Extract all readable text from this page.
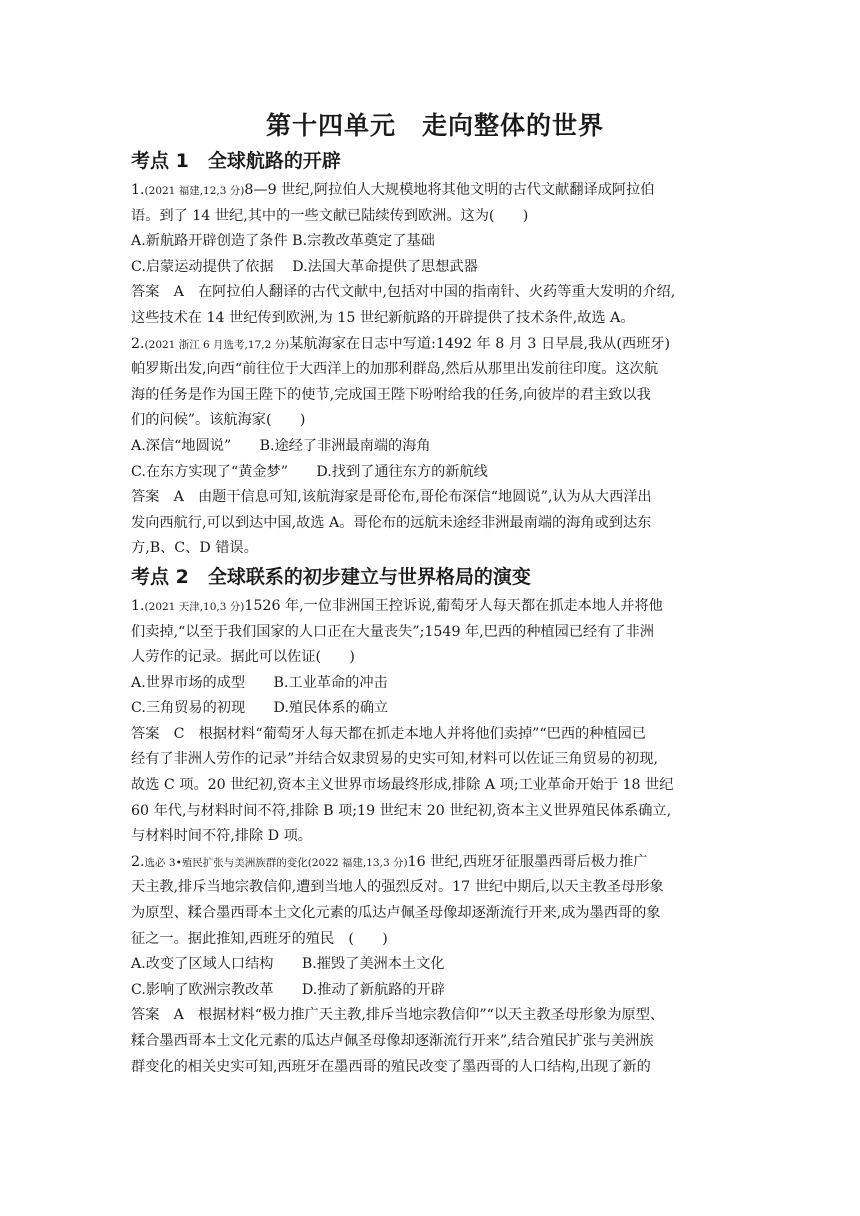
第十四单元　走向整体的世界
考点 1　全球航路的开辟
1.(2021 福建,12,3 分)8—9 世纪,阿拉伯人大规模地将其他文明的古代文献翻译成阿拉伯
语。到了 14 世纪,其中的一些文献已陆续传到欧洲。这为(　　)
A.新航路开辟创造了条件 B.宗教改革奠定了基础
C.启蒙运动提供了依据　 D.法国大革命提供了思想武器
答案　A　在阿拉伯人翻译的古代文献中,包括对中国的指南针、火药等重大发明的介绍,
这些技术在 14 世纪传到欧洲,为 15 世纪新航路的开辟提供了技术条件,故选 A。
2.(2021 浙江 6 月选考,17,2 分)某航海家在日志中写道:1492 年 8 月 3 日早晨,我从(西班牙)
帕罗斯出发,向西“前往位于大西洋上的加那利群岛,然后从那里出发前往印度。这次航
海的任务是作为国王陛下的使节,完成国王陛下吩咐给我的任务,向彼岸的君主致以我
们的问候”。该航海家(　　)
A.深信“地圆说”　　B.途经了非洲最南端的海角
C.在东方实现了“黄金梦”　　D.找到了通往东方的新航线
答案　A　由题干信息可知,该航海家是哥伦布,哥伦布深信“地圆说”,认为从大西洋出
发向西航行,可以到达中国,故选 A。哥伦布的远航未途经非洲最南端的海角或到达东
方,B、C、D 错误。
考点 2　全球联系的初步建立与世界格局的演变
1.(2021 天津,10,3 分)1526 年,一位非洲国王控诉说,葡萄牙人每天都在抓走本地人并将他
们卖掉,“以至于我们国家的人口正在大量丧失”;1549 年,巴西的种植园已经有了非洲
人劳作的记录。据此可以佐证(　　)
A.世界市场的成型　　B.工业革命的冲击
C.三角贸易的初现　　D.殖民体系的确立
答案　C　根据材料“葡萄牙人每天都在抓走本地人并将他们卖掉”“巴西的种植园已
经有了非洲人劳作的记录”并结合奴隶贸易的史实可知,材料可以佐证三角贸易的初现,
故选 C 项。20 世纪初,资本主义世界市场最终形成,排除 A 项;工业革命开始于 18 世纪
60 年代,与材料时间不符,排除 B 项;19 世纪末 20 世纪初,资本主义世界殖民体系确立,
与材料时间不符,排除 D 项。
2.选必 3•殖民扩张与美洲族群的变化(2022 福建,13,3 分)16 世纪,西班牙征服墨西哥后极力推广
天主教,排斥当地宗教信仰,遭到当地人的强烈反对。17 世纪中期后,以天主教圣母形象
为原型、糅合墨西哥本土文化元素的瓜达卢佩圣母像却逐渐流行开来,成为墨西哥的象
征之一。据此推知,西班牙的殖民　(　　)
A.改变了区域人口结构　　B.摧毁了美洲本土文化
C.影响了欧洲宗教改革　　D.推动了新航路的开辟
答案　A　根据材料“极力推广天主教,排斥当地宗教信仰”“以天主教圣母形象为原型、
糅合墨西哥本土文化元素的瓜达卢佩圣母像却逐渐流行开来”,结合殖民扩张与美洲族
群变化的相关史实可知,西班牙在墨西哥的殖民改变了墨西哥的人口结构,出现了新的
